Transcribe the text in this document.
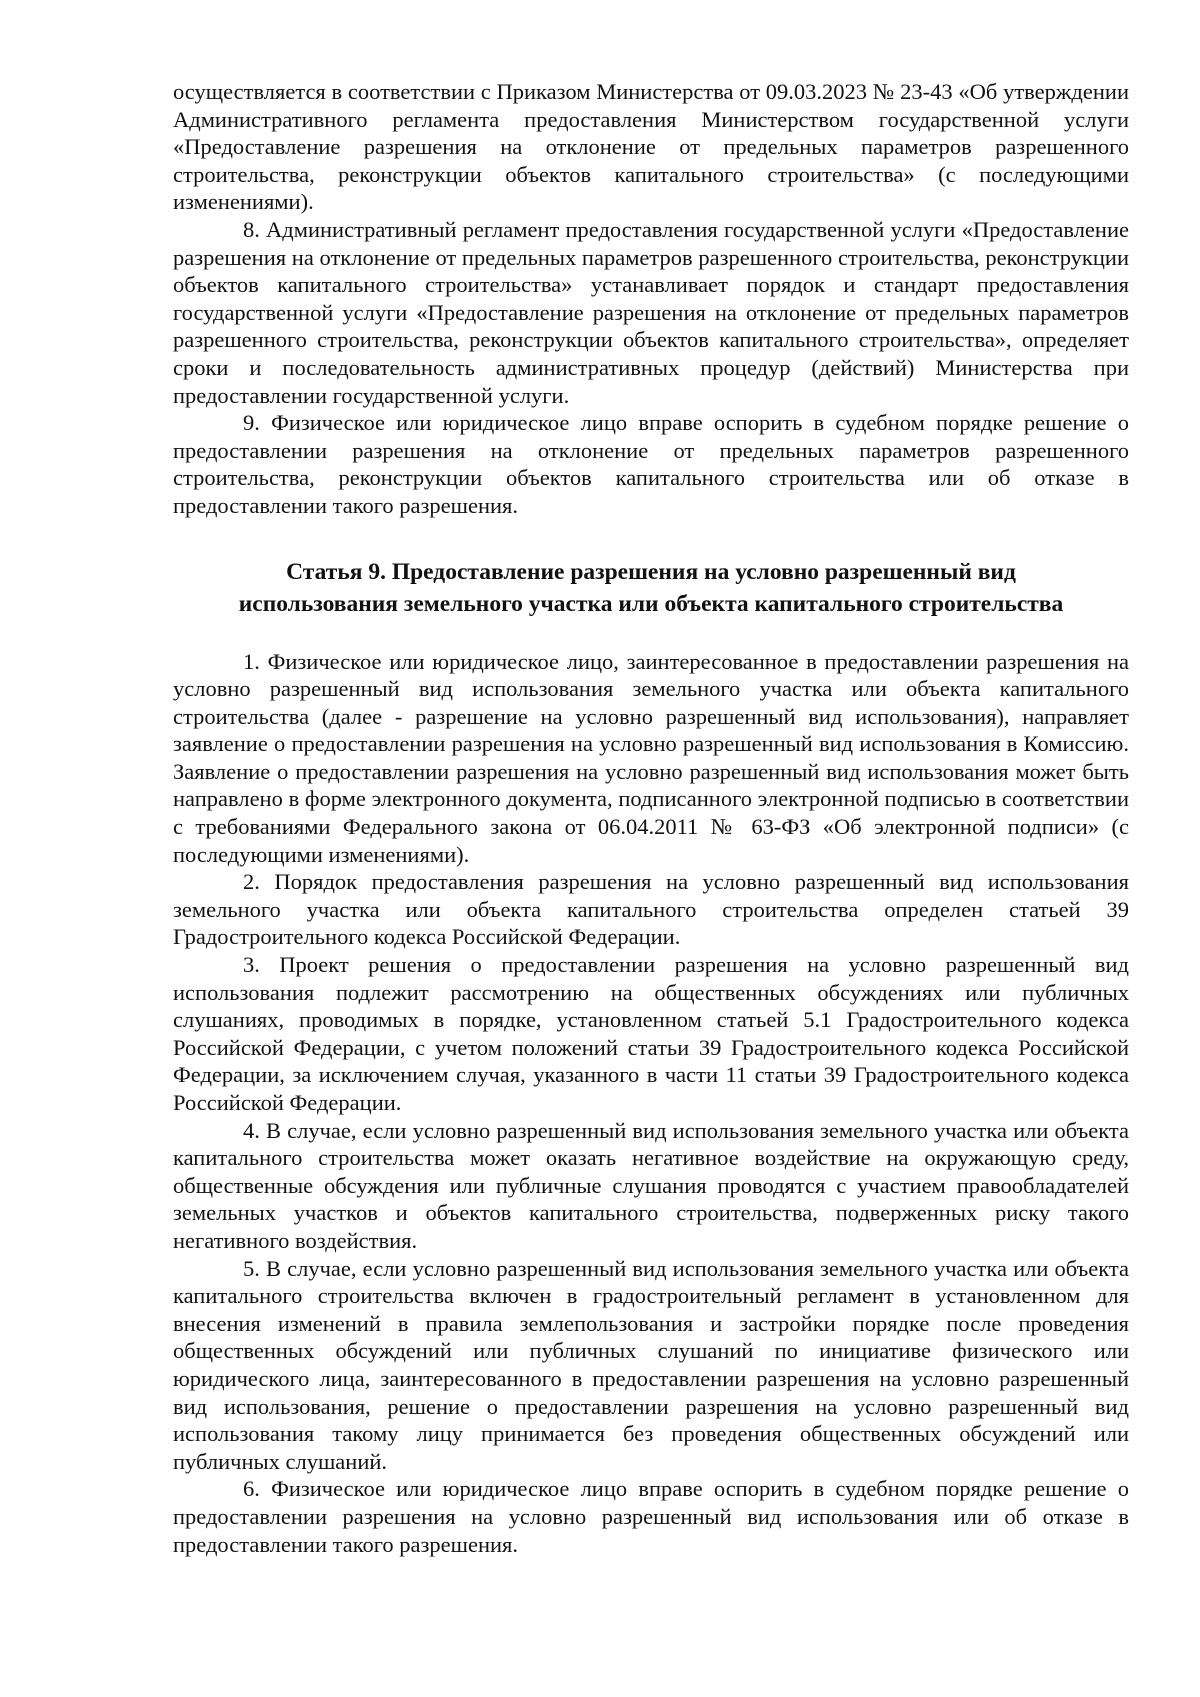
осуществляется в соответствии с Приказом Министерства от 09.03.2023 № 23-43 «Об утверждении Административного регламента предоставления Министерством государственной услуги «Предоставление разрешения на отклонение от предельных параметров разрешенного строительства, реконструкции объектов капитального строительства» (с последующими изменениями).

8. Административный регламент предоставления государственной услуги «Предоставление разрешения на отклонение от предельных параметров разрешенного строительства, реконструкции объектов капитального строительства» устанавливает порядок и стандарт предоставления государственной услуги «Предоставление разрешения на отклонение от предельных параметров разрешенного строительства, реконструкции объектов капитального строительства», определяет сроки и последовательность административных процедур (действий) Министерства при предоставлении государственной услуги.

9. Физическое или юридическое лицо вправе оспорить в судебном порядке решение о предоставлении разрешения на отклонение от предельных параметров разрешенного строительства, реконструкции объектов капитального строительства или об отказе в предоставлении такого разрешения.

Статья 9. Предоставление разрешения на условно разрешенный вид
использования земельного участка или объекта капитального строительства

1. Физическое или юридическое лицо, заинтересованное в предоставлении разрешения на условно разрешенный вид использования земельного участка или объекта капитального строительства (далее - разрешение на условно разрешенный вид использования), направляет заявление о предоставлении разрешения на условно разрешенный вид использования в Комиссию. Заявление о предоставлении разрешения на условно разрешенный вид использования может быть направлено в форме электронного документа, подписанного электронной подписью в соответствии с требованиями Федерального закона от 06.04.2011 № 63-ФЗ «Об электронной подписи» (с последующими изменениями).

2. Порядок предоставления разрешения на условно разрешенный вид использования земельного участка или объекта капитального строительства определен статьей 39 Градостроительного кодекса Российской Федерации.

3. Проект решения о предоставлении разрешения на условно разрешенный вид использования подлежит рассмотрению на общественных обсуждениях или публичных слушаниях, проводимых в порядке, установленном статьей 5.1 Градостроительного кодекса Российской Федерации, с учетом положений статьи 39 Градостроительного кодекса Российской Федерации, за исключением случая, указанного в части 11 статьи 39 Градостроительного кодекса Российской Федерации.

4. В случае, если условно разрешенный вид использования земельного участка или объекта капитального строительства может оказать негативное воздействие на окружающую среду, общественные обсуждения или публичные слушания проводятся с участием правообладателей земельных участков и объектов капитального строительства, подверженных риску такого негативного воздействия.

5. В случае, если условно разрешенный вид использования земельного участка или объекта капитального строительства включен в градостроительный регламент в установленном для внесения изменений в правила землепользования и застройки порядке после проведения общественных обсуждений или публичных слушаний по инициативе физического или юридического лица, заинтересованного в предоставлении разрешения на условно разрешенный вид использования, решение о предоставлении разрешения на условно разрешенный вид использования такому лицу принимается без проведения общественных обсуждений или публичных слушаний.

6. Физическое или юридическое лицо вправе оспорить в судебном порядке решение о предоставлении разрешения на условно разрешенный вид использования или об отказе в предоставлении такого разрешения.
